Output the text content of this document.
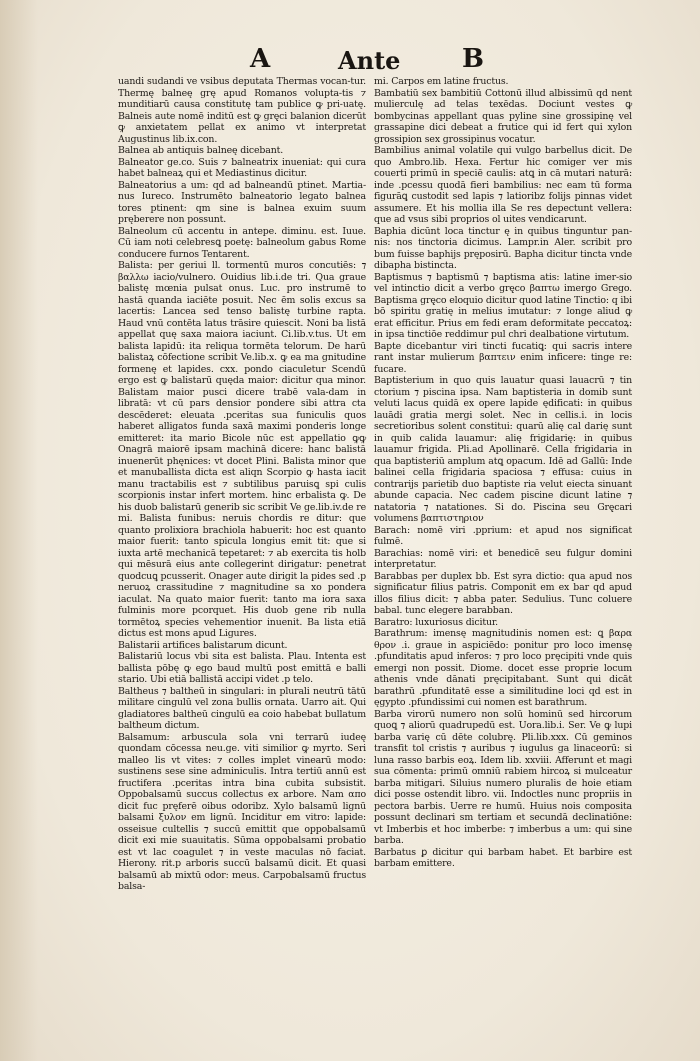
A	Ante B

uandi sudandi ve vsibus deputata Thermas vocan-tur. Thermę balneę grę apud Romanos volupta-tis ⁊ munditiarū causa constitutę tam publice ꝙ pri-uatę. Balneis aute nomē inditū est ꝙ grę̨ci balanion dicerūt ꝙ anxietatem pellat ex animo vt interpretat Augustinus lib.ix.con.

Balnea ab antiquis balneę dicebant.

Balneator ge.co. Suis ⁊ balneatrix inueniat: qui cura habet balneaꝝ qui et Mediastinus dicitur.

Balneatorius a um: qd ad balneandū ptinet. Martia-nus Iureco. Instrumēto balneatorio legato balnea tores ptinent: qm sine is balnea exuim suum pręberere non possunt.

Balneolum cū accentu in antepe. diminu. est. Iuue. Cū iam noti celebresꝗ poetę: balneolum gabus Rome conducere furnos Tentarent.

Balista: per geriui ll. tormentū muros concutiēs: ⁊ βαλλω iacio/vulnero. Ouidius lib.i.de tri. Qua graue balistę mœnia pulsat onus. Luc. pro instrumē to hastā quanda iaciēte posuit. Nec ēm solis excus sa lacertis: Lancea sed tenso balistę turbine rapta. Haud vnū contēta latus trāsire quiescit. Noni ba listā appellat quę saxa maiora iaciunt. Ci.lib.v.tus. Ut em balista lapidū: ita reliqua tormēta telorum. De harū balistaꝝ cōfectione scribit Ve.lib.x. ꝙ ea ma gnitudine formenę et lapides. cxx. pondo ciaculetur Scendū ergo est ꝙ balistarū quęda maior: dicitur qua minor. Balistam maior pusci dicere trabē vala-dam in libratā: vt cū pars densior pondere sibi attra cta descēderet: eleuata .pceritas sua funiculis quos haberet alligatos funda saxā maximi ponderis longe emitteret: ita mario Bicole nūc est appellatio ꝙꝙ Onagrā maiorē ipsam machinā dicere: hanc balistā inuenerūt phęnices: vt docet Plini. Balista minor que et manuballista dicta est aliqn Scorpio ꝙ hasta iacit manu tractabilis est ⁊ subtilibus paruisꝗ spi culis scorpionis instar infert mortem. hinc erbalista ꝙ. De his duob balistarū generib sic scribit Ve ge.lib.iv.de re mi. Balista funibus: neruis chordis re ditur: que quanto prolixiora brachiola habuerit: hoc est quanto maior fuerit: tanto spicula longius emit tit: que si iuxta artē mechanicā tepetaret: ⁊ ab exercita tis holb qui mēsurā eius ante collegerint dirigatur: penetrat quodcuꝗ pcusserit. Onager aute dirigit la pides sed .p neruoꝝ crassitudine ⁊ magnitudine sa xo pondera iaculat. Na quato maior fuerit: tanto ma iora saxa fulminis more pcorquet. His duob gene rib nulla tormētoꝝ species vehementior inuenit. Ba lista etiā dictus est mons apud Ligures.

Balistarii artifices balistarum dicunt.

Balistariū locus vbi sita est balista. Plau. Intenta est ballista pōbę ꝙ ego baud multū post emittā e balli stario. Ubi etiā ballistā accipi videt .p telo.

Baltheus ⁊ baltheū in singulari: in plurali neutrū tātū militare cingulū vel zona bullis ornata. Uarro ait. Qui gladiatores baltheū cingulū ea coio habebat bullatum baltheum dictum.

Balsamum: arbuscula sola vni terrarū iudeę quondam cōcessa neu.ge. viti similior ꝙ myrto. Seri malleo lis vt vites: ⁊ colles implet vinearū modo: sustinens sese sine adminiculis. Intra tertiū annū est fructifera .pceritas intra bina cubita subsistit. Oppobalsamū succus collectus ex arbore. Nam απο dicit fuc pręferē oibus odoribz. Xylo balsamū lignū balsami ξυλον em lignū. Inciditur em vitro: lapide: osseisue cultellis ⁊ succū emittit que oppobalsamū dicit exi mie suauitatis. Sūma oppobalsami probatio est vt lac coagulet ⁊ in veste maculas nō faciat. Hierony. rit.p arboris succū balsamū dicit. Et quasi balsamū ab mixtū odor: meus. Carpobalsamū fructus balsa-

mi. Carpos em latine fructus.

Bambatiū sex bambitiū Cottonū illud albissimū qd nent mulierculę ad telas texēdas. Dociunt vestes ꝙ bombycinas appellant quas pyline sine grossipinę vel grassapine dici debeat a frutice qui id fert qui xylon grossipion sex grossipinus vocatur.

Bambilius animal volatile qui vulgo barbellus dicit. De quo Ambro.lib. Hexa. Fertur hic comiger ver mis couerti primū in speciē caulis: atꝗ in cā mutari naturā: inde .pcessu quodā fieri bambilius: nec eam tū forma figurāꝗ custodit sed lapis ⁊ latioribz folijs pinnas videt assumere. Et his mollia illa Se res depectunt vellera: que ad vsus sibi proprios ol uites vendicarunt.

Baphia dicūnt loca tinctur ę in quibus tinguntur pan-nis: nos tinctoria dicimus. Lampr.in Aler. scribit pro bum fuisse baphijs pręposirū. Bapha dicitur tincta vnde dibapha bistincta.

Baptismus ⁊ baptismū ⁊ baptisma atis: latine imer-sio vel intinctio dicit a verbo grę̨co βαπτω imergo Grego. Baptisma grę̨co eloquio dicitur quod latine Tinctio: q ibi bō spiritu gratię in melius imutatur: ⁊ longe aliud ꝙ erat efficitur. Prius em fedi eram deformitate peccatoꝝ: in ipsa tinctiōe reddimur pul chri dealbatione virtutum.

Bapte dicebantur viri tincti fucatiꝗ: qui sacris intere rant instar mulierum βαπτειν enim inficere: tinge re: fucare.

Baptisterium in quo quis lauatur quasi lauacrū ⁊ tin ctorium ⁊ piscina ipsa. Nam baptisteria in domib sunt veluti lacus quidā ex opere lapide ędificati: in quibus lauādi gratia mergi solet. Nec in cellis.i. in locis secretioribus solent constitui: quarū alię cal darię sunt in quib calida lauamur: alię frigidarię: in quibus lauamur frigida. Pli.ad Apollinarē. Cella frigidaria in qua baptisteriū amplum atꝗ opacum. Idē ad Gallū: Inde balinei cella frigidaria spaciosa ⁊ effusa: cuius in contrarijs parietib duo baptiste ria velut eiecta sinuant abunde capacia. Nec cadem piscine dicunt latine ⁊ natatoria ⁊ natationes. Si do. Piscina seu Grę̨cari volumens βαπτιστηριον

Barach: nomē viri .pprium: et apud nos significat fulmē.

Barachias: nomē viri: et benedicē seu fulgur domini interpretatur.

Barabbas per duplex bb. Est syra dictio: qua apud nos significatur filius patris. Componit em ex bar qd apud illos filius dicit: ⁊ abba pater. Sedulius. Tunc coluere babal. tunc elegere barabban.

Baratro: luxuriosus dicitur.

Barathrum: imensę magnitudinis nomen est: ꝗ βαρα θρον .i. graue in aspiciēdo: ponitur pro loco imensę .pfunditatis apud inferos: ⁊ pro loco pręcipiti vnde quis emergi non possit. Diome. docet esse proprie locum athenis vnde dānati pręcipitabant. Sunt qui dicāt barathrū .pfunditatē esse a similitudine loci qd est in ęgypto .pfundissimi cui nomen est barathrum.

Barba virorū numero non solū hominū sed hircorum quoꝗ ⁊ aliorū quadrupedū est. Uora.lib.i. Ser. Ve ꝙ lupi barba varię cū dēte colubrę. Pli.lib.xxx. Cū geminos transfit tol cristis ⁊ auribus ⁊ iugulus ga linaceorū: si luna rasso barbis eoꝝ. Idem lib. xxviii. Afferunt et magi sua cōmenta: primū omniū rabiem hircoꝝ si mulceatur barba mitigari. Siluius numero pluralis de hoie etiam dici posse ostendit libro. vii. Indoctles nunc propriis in pectora barbis. Uerre re humū. Huius nois composita possunt declinari sm tertiam et secundā declinatiōne: vt Imberbis et hoc imberbe: ⁊ imberbus a um: qui sine barba.

Barbatus ꝑ dicitur qui barbam habet. Et barbire est barbam emittere.
